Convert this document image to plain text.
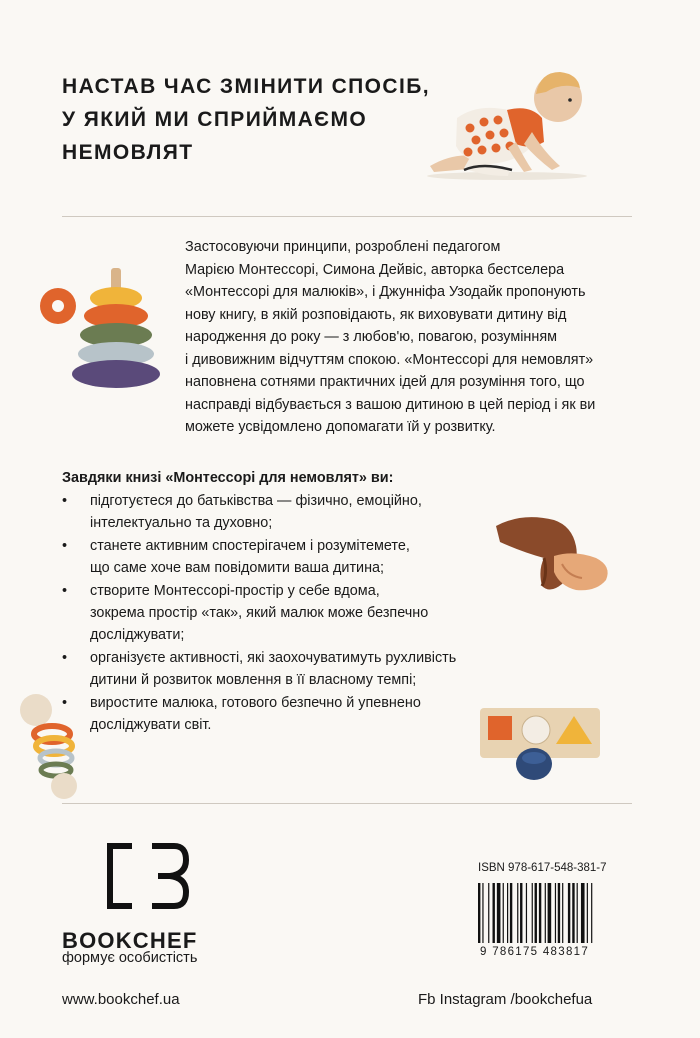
НАСТАВ ЧАС ЗМІНИТИ СПОСІБ,
У ЯКИЙ МИ СПРИЙМАЄМО
НЕМОВЛЯТ
Застосовуючи принципи, розроблені педагогом
Марією Монтессорі, Симона Дейвіс, авторка бестселера
«Монтессорі для малюків», і Джунніфа Узодайк пропонують
нову книгу, в якій розповідають, як виховувати дитину від
народження до року — з любов'ю, повагою, розумінням
і дивовижним відчуттям спокою. «Монтессорі для немовлят»
наповнена сотнями практичних ідей для розуміння того, що
насправді відбувається з вашою дитиною в цей період і як ви
можете усвідомлено допомагати їй у розвитку.
Завдяки книзі «Монтессорі для немовлят» ви:
• підготуєтеся до батьківства — фізично, емоційно,
інтелектуально та духовно;
• станете активним спостерігачем і розумітемете,
що саме хоче вам повідомити ваша дитина;
• створите Монтессорі-простір у себе вдома,
зокрема простір «так», який малюк може безпечно
досліджувати;
• організуєте активності, які заохочуватимуть рухливість
дитини й розвиток мовлення в її власному темпі;
• виростите малюка, готового безпечно й упевнено
досліджувати світ.
BOOKCHEF
формує особистість
ISBN 978-617-548-381-7
9 786175 483817
www.bookchef.ua	Fb Instagram /bookchefua
